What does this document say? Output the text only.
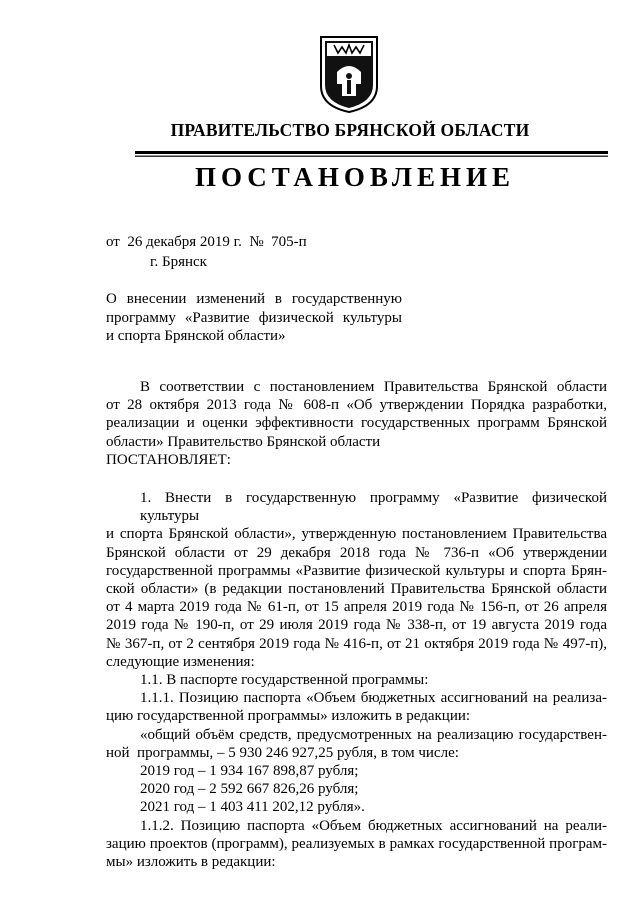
ПРАВИТЕЛЬСТВО БРЯНСКОЙ ОБЛАСТИ
ПОСТАНОВЛЕНИЕ
от  26 декабря 2019 г.  №  705-п
г. Брянск
О внесении изменений в государственную
программу «Развитие физической культуры
и спорта Брянской области»
В соответствии с постановлением Правительства Брянской области
от 28 октября 2013 года № 608-п «Об утверждении Порядка разработки,
реализации и оценки эффективности государственных программ Брянской
области» Правительство Брянской области
ПОСТАНОВЛЯЕТ:
1. Внести в государственную программу «Развитие физической культуры
и спорта Брянской области», утвержденную постановлением Правительства
Брянской области от 29 декабря 2018 года № 736-п «Об утверждении
государственной программы «Развитие физической культуры и спорта Брян-
ской области» (в редакции постановлений Правительства Брянской области
от 4 марта 2019 года № 61-п, от 15 апреля 2019 года № 156-п, от 26 апреля
2019 года № 190-п, от 29 июля 2019 года № 338-п, от 19 августа 2019 года
№ 367-п, от 2 сентября 2019 года № 416-п, от 21 октября 2019 года № 497-п),
следующие изменения:
1.1. В паспорте государственной программы:
1.1.1. Позицию паспорта «Объем бюджетных ассигнований на реализа-
цию государственной программы» изложить в редакции:
«общий объём средств, предусмотренных на реализацию государствен-
ной  программы, – 5 930 246 927,25 рубля, в том числе:
2019 год – 1 934 167 898,87 рубля;
2020 год – 2 592 667 826,26 рубля;
2021 год – 1 403 411 202,12 рубля».
1.1.2. Позицию паспорта «Объем бюджетных ассигнований на реали-
зацию проектов (программ), реализуемых в рамках государственной програм-
мы» изложить в редакции:
